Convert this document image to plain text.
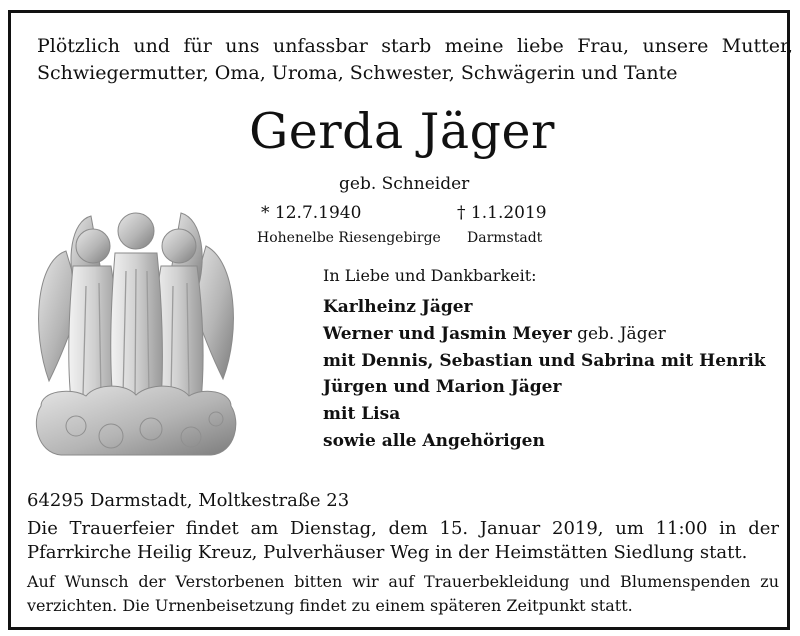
Plötzlich und für uns unfassbar starb meine liebe Frau, unsere Mutter,
Schwiegermutter, Oma, Uroma, Schwester, Schwägerin und Tante
Gerda Jäger
geb. Schneider
* 12.7.1940	† 1.1.2019
Hohenelbe Riesengebirge Darmstadt
In Liebe und Dankbarkeit:
Karlheinz Jäger
Werner und Jasmin Meyer geb. Jäger
mit Dennis, Sebastian und Sabrina mit Henrik
Jürgen und Marion Jäger
mit Lisa
sowie alle Angehörigen
64295 Darmstadt, Moltkestraße 23
Die Trauerfeier findet am Dienstag, dem 15. Januar 2019, um 11:00 in der
Pfarrkirche Heilig Kreuz, Pulverhäuser Weg in der Heimstätten Siedlung statt.
Auf Wunsch der Verstorbenen bitten wir auf Trauerbekleidung und Blumenspenden zu
verzichten. Die Urnenbeisetzung findet zu einem späteren Zeitpunkt statt.
